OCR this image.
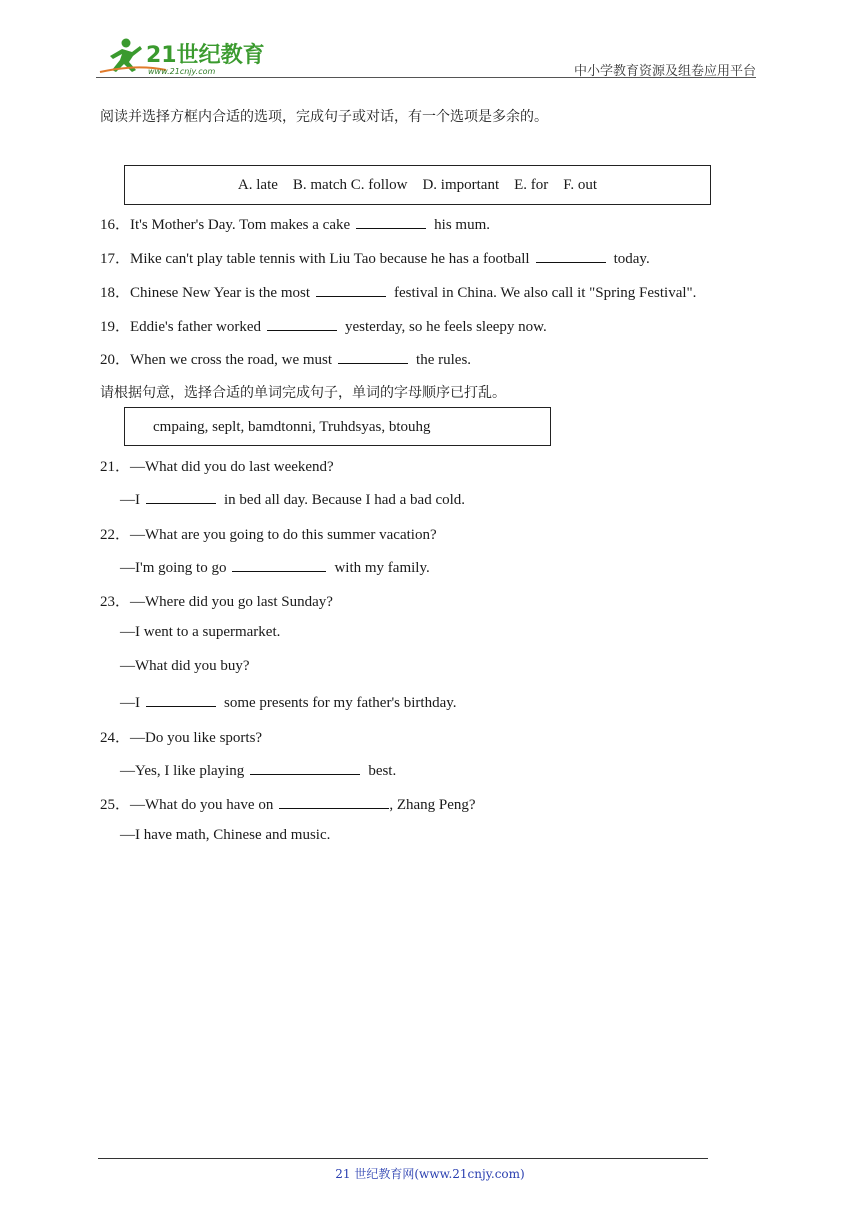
21世纪教育
www.21cnjy.com	中小学教育资源及组卷应用平台
阅读并选择方框内合适的选项，完成句子或对话，有一个选项是多余的。
A. late    B. match C. follow    D. important    E. for    F. out
16．It's Mother's Day. Tom makes a cake	his mum.
17．Mike can't play table tennis with Liu Tao because he has a football	today.
18．Chinese New Year is the most	festival in China. We also call it "Spring Festival".
19．Eddie's father worked	yesterday, so he feels sleepy now.
20．When we cross the road, we must	the rules.
请根据句意，选择合适的单词完成句子，单词的字母顺序已打乱。
cmpaing, seplt, bamdtonni, Truhdsyas, btouhg
21．—What did you do last weekend?
—I	in bed all day. Because I had a bad cold.
22．—What are you going to do this summer vacation?
—I'm going to go	with my family.
23．—Where did you go last Sunday?
—I went to a supermarket.
—What did you buy?
—I	some presents for my father's birthday.
24．—Do you like sports?
—Yes, I like playing	best.
25．—What do you have on	, Zhang Peng?
—I have math, Chinese and music.
21 世纪教育网(www.21cnjy.com)
